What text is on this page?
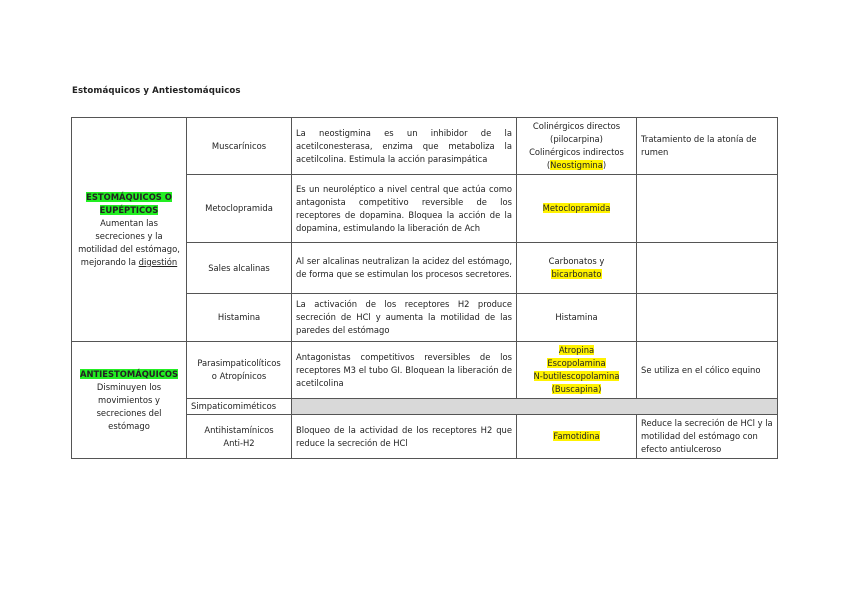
Estomáquicos y Antiestomáquicos
ESTOMÁQUICOS O
EUPÉPTICOS
Aumentan las secreciones y la motilidad del estómago, mejorando la digestión	Muscarínicos	La neostigmina es un inhibidor de la acetilconesterasa, enzima que metaboliza la acetilcolina. Estimula la acción parasimpática	Colinérgicos directos
(pilocarpina)
Colinérgicos indirectos
(Neostigmina)	Tratamiento de la atonía de rumen
	Metoclopramida	Es un neuroléptico a nivel central que actúa como antagonista competitivo reversible de los receptores de dopamina. Bloquea la acción de la dopamina, estimulando la liberación de Ach	Metoclopramida	
	Sales alcalinas	Al ser alcalinas neutralizan la acidez del estómago, de forma que se estimulan los procesos secretores.	Carbonatos y
bicarbonato	
	Histamina	La activación de los receptores H2 produce secreción de HCl y aumenta la motilidad de las paredes del estómago	Histamina	
ANTIESTOMÁQUICOS
Disminuyen los movimientos y secreciones del estómago	Parasimpaticolíticos
o Atropínicos	Antagonistas competitivos reversibles de los receptores M3 el tubo GI. Bloquean la liberación de acetilcolina	Atropina
Escopolamina
N-butilescopolamina
(Buscapina)	Se utiliza en el cólico equino
	Simpaticomiméticos			
	Antihistamínicos
Anti-H2	Bloqueo de la actividad de los receptores H2 que reduce la secreción de HCl	Famotidina	Reduce la secreción de HCl y la motilidad del estómago con efecto antiulceroso
